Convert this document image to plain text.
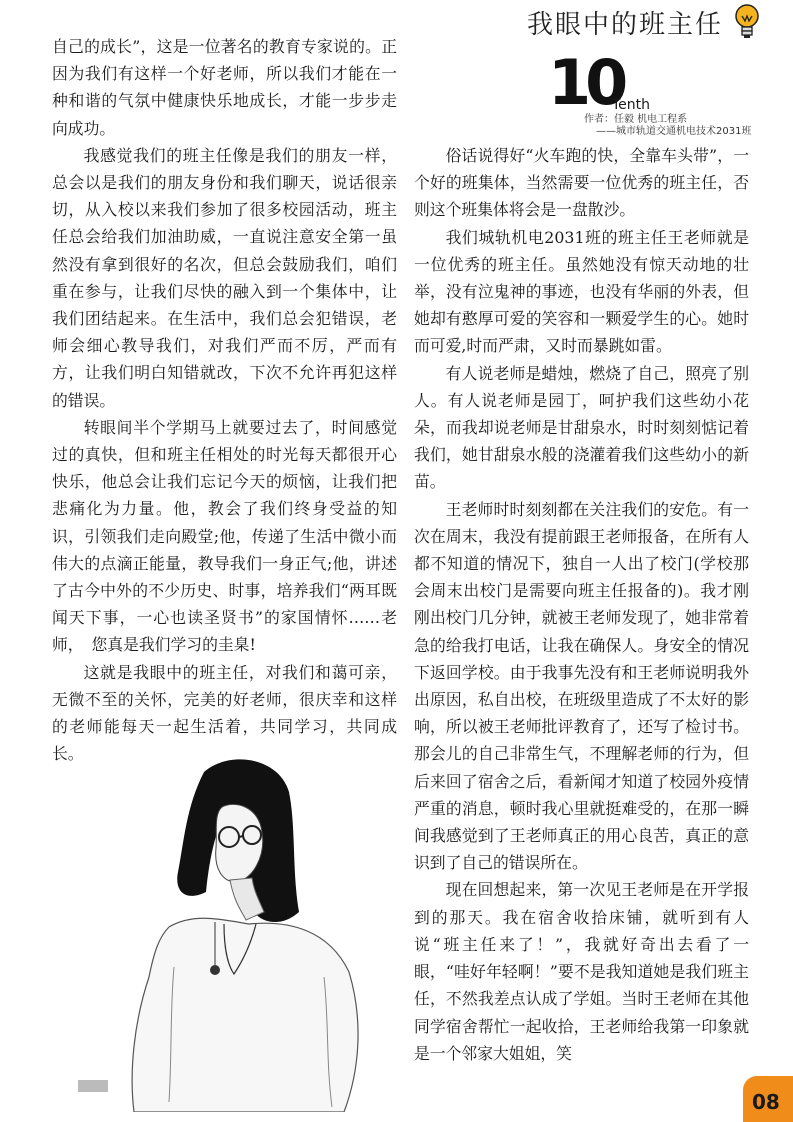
我眼中的班主任
10
Tenth
作者：任毅 机电工程系
——城市轨道交通机电技术2031班

自己的成长”，这是一位著名的教育专家说的。正因为我们有这样一个好老师，所以我们才能在一种和谐的气氛中健康快乐地成长，才能一步步走向成功。

我感觉我们的班主任像是我们的朋友一样，总会以是我们的朋友身份和我们聊天，说话很亲切，从入校以来我们参加了很多校园活动，班主任总会给我们加油助威，一直说注意安全第一虽然没有拿到很好的名次，但总会鼓励我们，咱们重在参与，让我们尽快的融入到一个集体中，让我们团结起来。在生活中，我们总会犯错误，老师会细心教导我们，对我们严而不厉，严而有方，让我们明白知错就改，下次不允许再犯这样的错误。

转眼间半个学期马上就要过去了，时间感觉过的真快，但和班主任相处的时光每天都很开心快乐，他总会让我们忘记今天的烦恼，让我们把悲痛化为力量。他，教会了我们终身受益的知识，引领我们走向殿堂;他，传递了生活中微小而伟大的点滴正能量，教导我们一身正气;他，讲述了古今中外的不少历史、时事，培养我们“两耳既闻天下事，一心也读圣贤书”的家国情怀……老师，　您真是我们学习的圭臬!

这就是我眼中的班主任，对我们和蔼可亲，无微不至的关怀，完美的好老师，很庆幸和这样的老师能每天一起生活着，共同学习，共同成长。

俗话说得好“火车跑的快，全靠车头带”，一个好的班集体，当然需要一位优秀的班主任，否则这个班集体将会是一盘散沙。

我们城轨机电2031班的班主任王老师就是一位优秀的班主任。虽然她没有惊天动地的壮举，没有泣鬼神的事迹，也没有华丽的外表，但她却有憨厚可爱的笑容和一颗爱学生的心。她时而可爱,时而严肃，又时而暴跳如雷。

有人说老师是蜡烛，燃烧了自己，照亮了别人。有人说老师是园丁，呵护我们这些幼小花朵，而我却说老师是甘甜泉水，时时刻刻惦记着我们，她甘甜泉水般的浇灌着我们这些幼小的新苗。

王老师时时刻刻都在关注我们的安危。有一次在周末，我没有提前跟王老师报备，在所有人都不知道的情况下，独自一人出了校门(学校那会周末出校门是需要向班主任报备的)。我才刚刚出校门几分钟，就被王老师发现了，她非常着急的给我打电话，让我在确保人。身安全的情况下返回学校。由于我事先没有和王老师说明我外出原因，私自出校，在班级里造成了不太好的影响，所以被王老师批评教育了，还写了检讨书。那会儿的自己非常生气，不理解老师的行为，但后来回了宿舍之后，看新闻才知道了校园外疫情严重的消息，顿时我心里就挺难受的，在那一瞬间我感觉到了王老师真正的用心良苦，真正的意识到了自己的错误所在。

现在回想起来，第一次见王老师是在开学报到的那天。我在宿舍收拾床铺，就听到有人说“班主任来了！”，我就好奇出去看了一眼，“哇好年轻啊！”要不是我知道她是我们班主任，不然我差点认成了学姐。当时王老师在其他同学宿舍帮忙一起收拾，王老师给我第一印象就是一个邻家大姐姐，笑

08
